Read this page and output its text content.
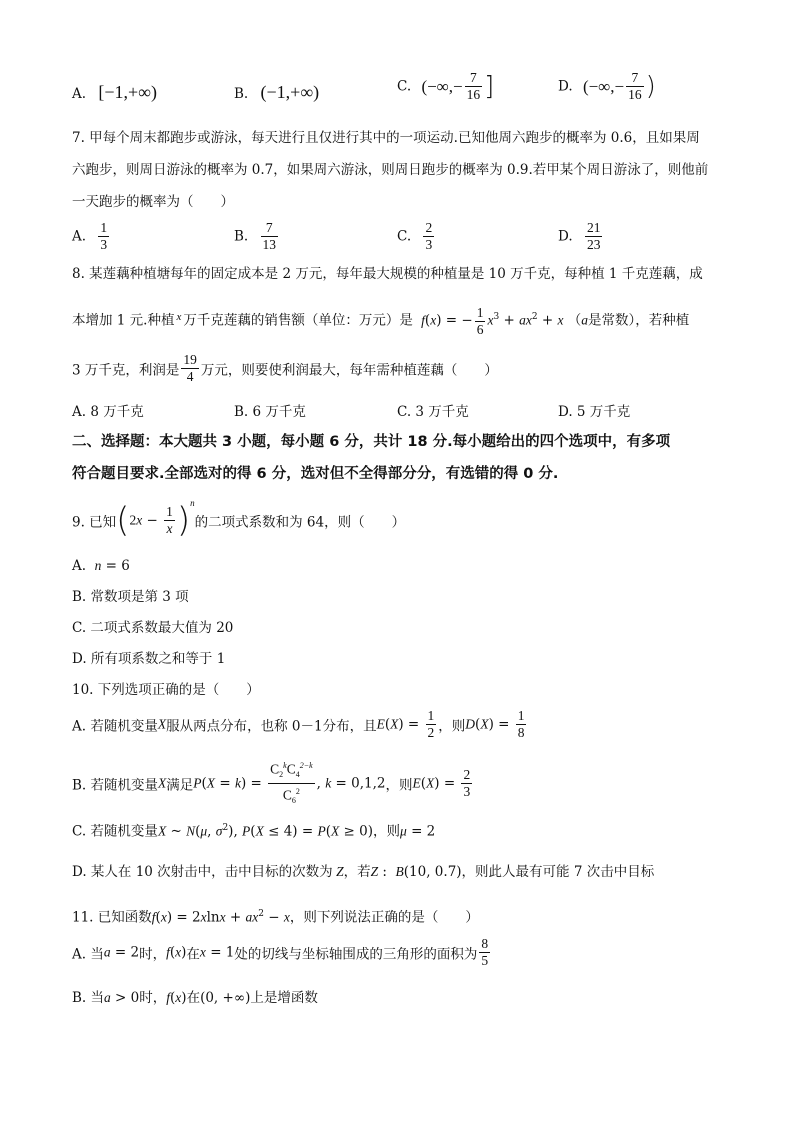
A. [−1,+∞)	B. (−1,+∞)	C. (−∞,− $\frac{7}{16}$ ]	D. (−∞,− $\frac{7}{16}$ )
7. 甲每个周末都跑步或游泳，每天进行且仅进行其中的一项运动.已知他周六跑步的概率为 0.6，且如果周
六跑步，则周日游泳的概率为 0.7，如果周六游泳，则周日跑步的概率为 0.9.若甲某个周日游泳了，则他前
一天跑步的概率为（　　）
A. $\frac{1}{3}$	B. $\frac{7}{13}$	C. $\frac{2}{3}$	D. $\frac{21}{23}$
8. 某莲藕种植塘每年的固定成本是 2 万元，每年最大规模的种植量是 10 万千克，每种植 1 千克莲藕，成
本增加 1 元.种植 $^x$ 万千克莲藕的销售额（单位：万元）是 f(x) = − $\frac{1}{6} x^3 + ax^2 + x$ （a是常数），若种植
3 万千克，利润是 $\frac{19}{4}$ 万元，则要使利润最大，每年需种植莲藕（　　）
A. 8 万千克	B. 6 万千克	C. 3 万千克	D. 5 万千克
二、选择题：本大题共 3 小题，每小题 6 分，共计 18 分.每小题给出的四个选项中，有多项
符合题目要求.全部选对的得 6 分，选对但不全得部分分，有选错的得 0 分.
9. 已知$(2x - \frac{1}{x} )^n$的二项式系数和为 64，则（　　）
A. n = 6
B. 常数项是第 3 项
C. 二项式系数最大值为 20
D. 所有项系数之和等于 1
10. 下列选项正确的是（　　）
A. 若随机变量X服从两点分布，也称 0－1分布，且$E(X) = \frac{1}{2}$ ，则$D(X) = \frac{1}{8}$
B. 若随机变量X满足$P(X = k) = \frac{C_2^kC_4^{2-k}}{C_6^2}$ , k = 0,1,2，则$E(X) = \frac{2}{3}$
C. 若随机变量X ~ N(μ, $\sigma^2$), P(X ≤ 4) = P(X ≥ 0)，则μ = 2
D. 某人在 10 次射击中，击中目标的次数为 Z，若Z :  B(10, 0.7)，则此人最有可能 7 次击中目标
11. 已知函数$f(x) = 2xlnx + ax^2 - x$，则下列说法正确的是（　　）
A. 当a = 2时，f(x)在x = 1处的切线与坐标轴围成的三角形的面积为 $\frac{8}{5}$
B. 当a > 0时，f(x)在(0, +∞)上是增函数
